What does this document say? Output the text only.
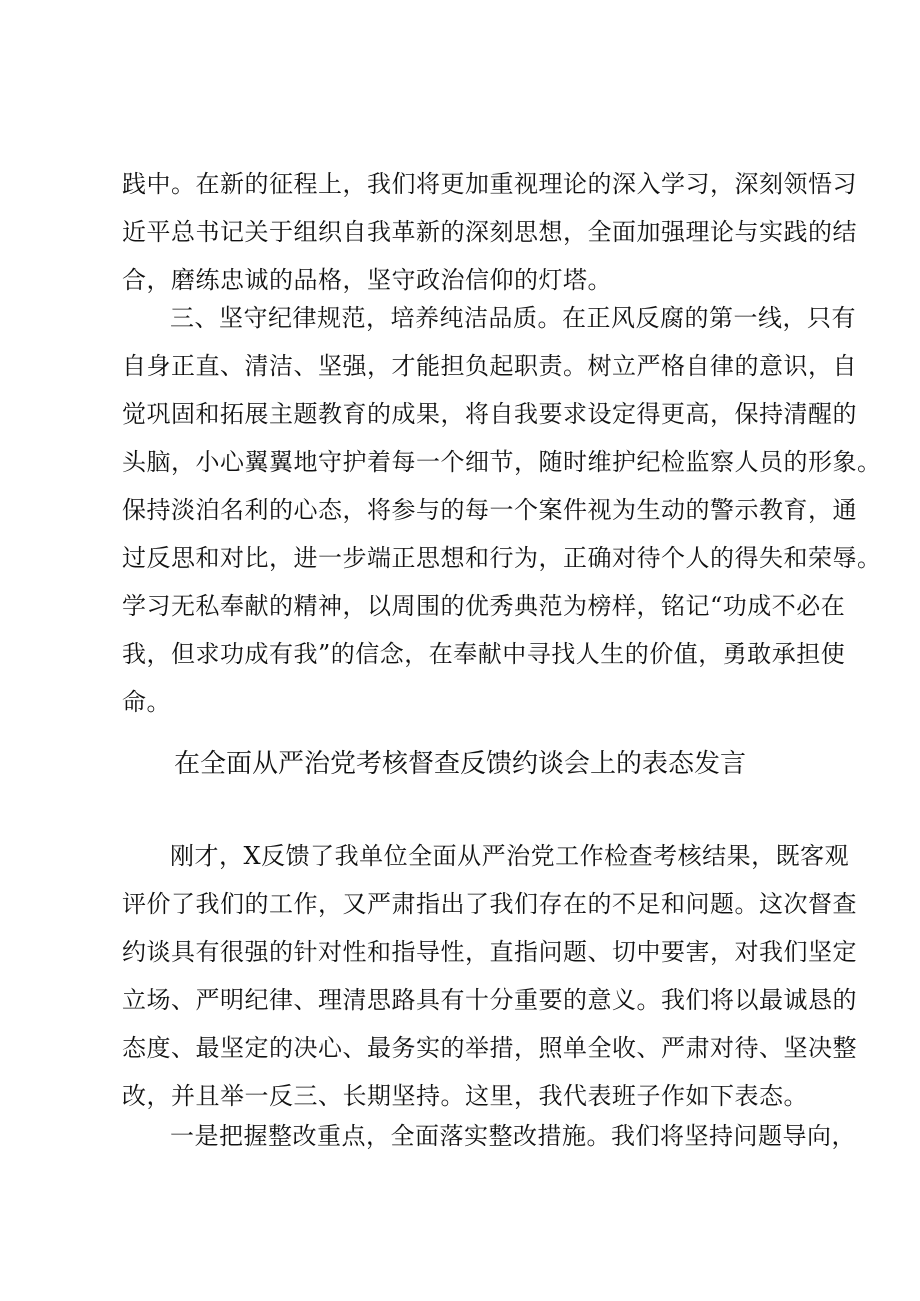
践中。在新的征程上，我们将更加重视理论的深入学习，深刻领悟习
近平总书记关于组织自我革新的深刻思想，全面加强理论与实践的结
合，磨练忠诚的品格，坚守政治信仰的灯塔。
三、坚守纪律规范，培养纯洁品质。在正风反腐的第一线，只有
自身正直、清洁、坚强，才能担负起职责。树立严格自律的意识，自
觉巩固和拓展主题教育的成果，将自我要求设定得更高，保持清醒的
头脑，小心翼翼地守护着每一个细节，随时维护纪检监察人员的形象。
保持淡泊名利的心态，将参与的每一个案件视为生动的警示教育，通
过反思和对比，进一步端正思想和行为，正确对待个人的得失和荣辱。
学习无私奉献的精神，以周围的优秀典范为榜样，铭记“功成不必在
我，但求功成有我”的信念，在奉献中寻找人生的价值，勇敢承担使
命。
在全面从严治党考核督查反馈约谈会上的表态发言
刚才，X反馈了我单位全面从严治党工作检查考核结果，既客观
评价了我们的工作，又严肃指出了我们存在的不足和问题。这次督查
约谈具有很强的针对性和指导性，直指问题、切中要害，对我们坚定
立场、严明纪律、理清思路具有十分重要的意义。我们将以最诚恳的
态度、最坚定的决心、最务实的举措，照单全收、严肃对待、坚决整
改，并且举一反三、长期坚持。这里，我代表班子作如下表态。
一是把握整改重点，全面落实整改措施。我们将坚持问题导向，
